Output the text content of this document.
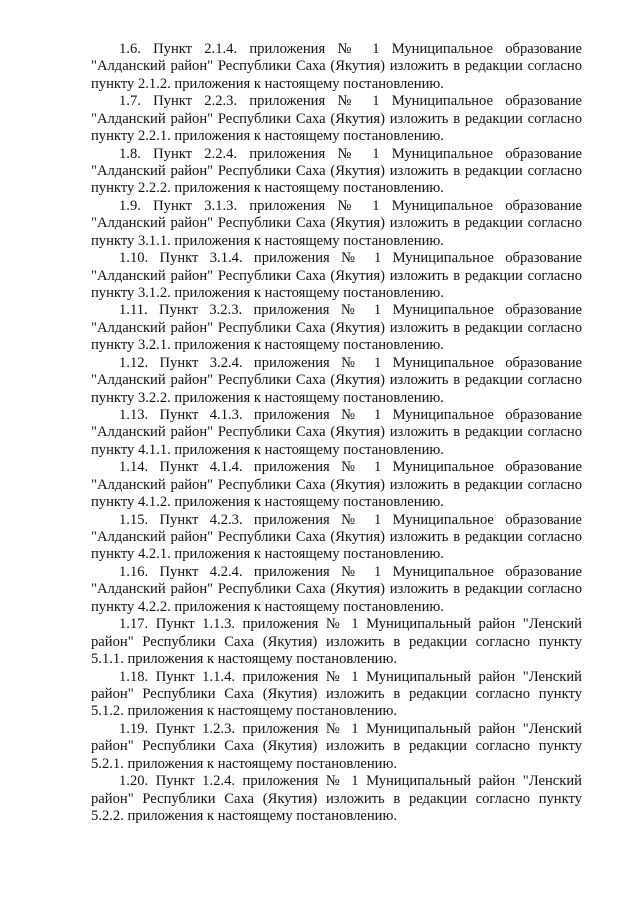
1.6. Пункт 2.1.4. приложения № 1 Муниципальное образование
"Алданский район" Республики Саха (Якутия) изложить в редакции согласно
пункту 2.1.2. приложения к настоящему постановлению.

1.7. Пункт 2.2.3. приложения № 1 Муниципальное образование
"Алданский район" Республики Саха (Якутия) изложить в редакции согласно
пункту 2.2.1. приложения к настоящему постановлению.

1.8. Пункт 2.2.4. приложения № 1 Муниципальное образование
"Алданский район" Республики Саха (Якутия) изложить в редакции согласно
пункту 2.2.2. приложения к настоящему постановлению.

1.9. Пункт 3.1.3. приложения № 1 Муниципальное образование
"Алданский район" Республики Саха (Якутия) изложить в редакции согласно
пункту 3.1.1. приложения к настоящему постановлению.

1.10. Пункт 3.1.4. приложения № 1 Муниципальное образование
"Алданский район" Республики Саха (Якутия) изложить в редакции согласно
пункту 3.1.2. приложения к настоящему постановлению.

1.11. Пункт 3.2.3. приложения № 1 Муниципальное образование
"Алданский район" Республики Саха (Якутия) изложить в редакции согласно
пункту 3.2.1. приложения к настоящему постановлению.

1.12. Пункт 3.2.4. приложения № 1 Муниципальное образование
"Алданский район" Республики Саха (Якутия) изложить в редакции согласно
пункту 3.2.2. приложения к настоящему постановлению.

1.13. Пункт 4.1.3. приложения № 1 Муниципальное образование
"Алданский район" Республики Саха (Якутия) изложить в редакции согласно
пункту 4.1.1. приложения к настоящему постановлению.

1.14. Пункт 4.1.4. приложения № 1 Муниципальное образование
"Алданский район" Республики Саха (Якутия) изложить в редакции согласно
пункту 4.1.2. приложения к настоящему постановлению.

1.15. Пункт 4.2.3. приложения № 1 Муниципальное образование
"Алданский район" Республики Саха (Якутия) изложить в редакции согласно
пункту 4.2.1. приложения к настоящему постановлению.

1.16. Пункт 4.2.4. приложения № 1 Муниципальное образование
"Алданский район" Республики Саха (Якутия) изложить в редакции согласно
пункту 4.2.2. приложения к настоящему постановлению.

1.17. Пункт 1.1.3. приложения № 1 Муниципальный район "Ленский
район" Республики Саха (Якутия) изложить в редакции согласно пункту
5.1.1. приложения к настоящему постановлению.

1.18. Пункт 1.1.4. приложения № 1 Муниципальный район "Ленский
район" Республики Саха (Якутия) изложить в редакции согласно пункту
5.1.2. приложения к настоящему постановлению.

1.19. Пункт 1.2.3. приложения № 1 Муниципальный район "Ленский
район" Республики Саха (Якутия) изложить в редакции согласно пункту
5.2.1. приложения к настоящему постановлению.

1.20. Пункт 1.2.4. приложения № 1 Муниципальный район "Ленский
район" Республики Саха (Якутия) изложить в редакции согласно пункту
5.2.2. приложения к настоящему постановлению.
